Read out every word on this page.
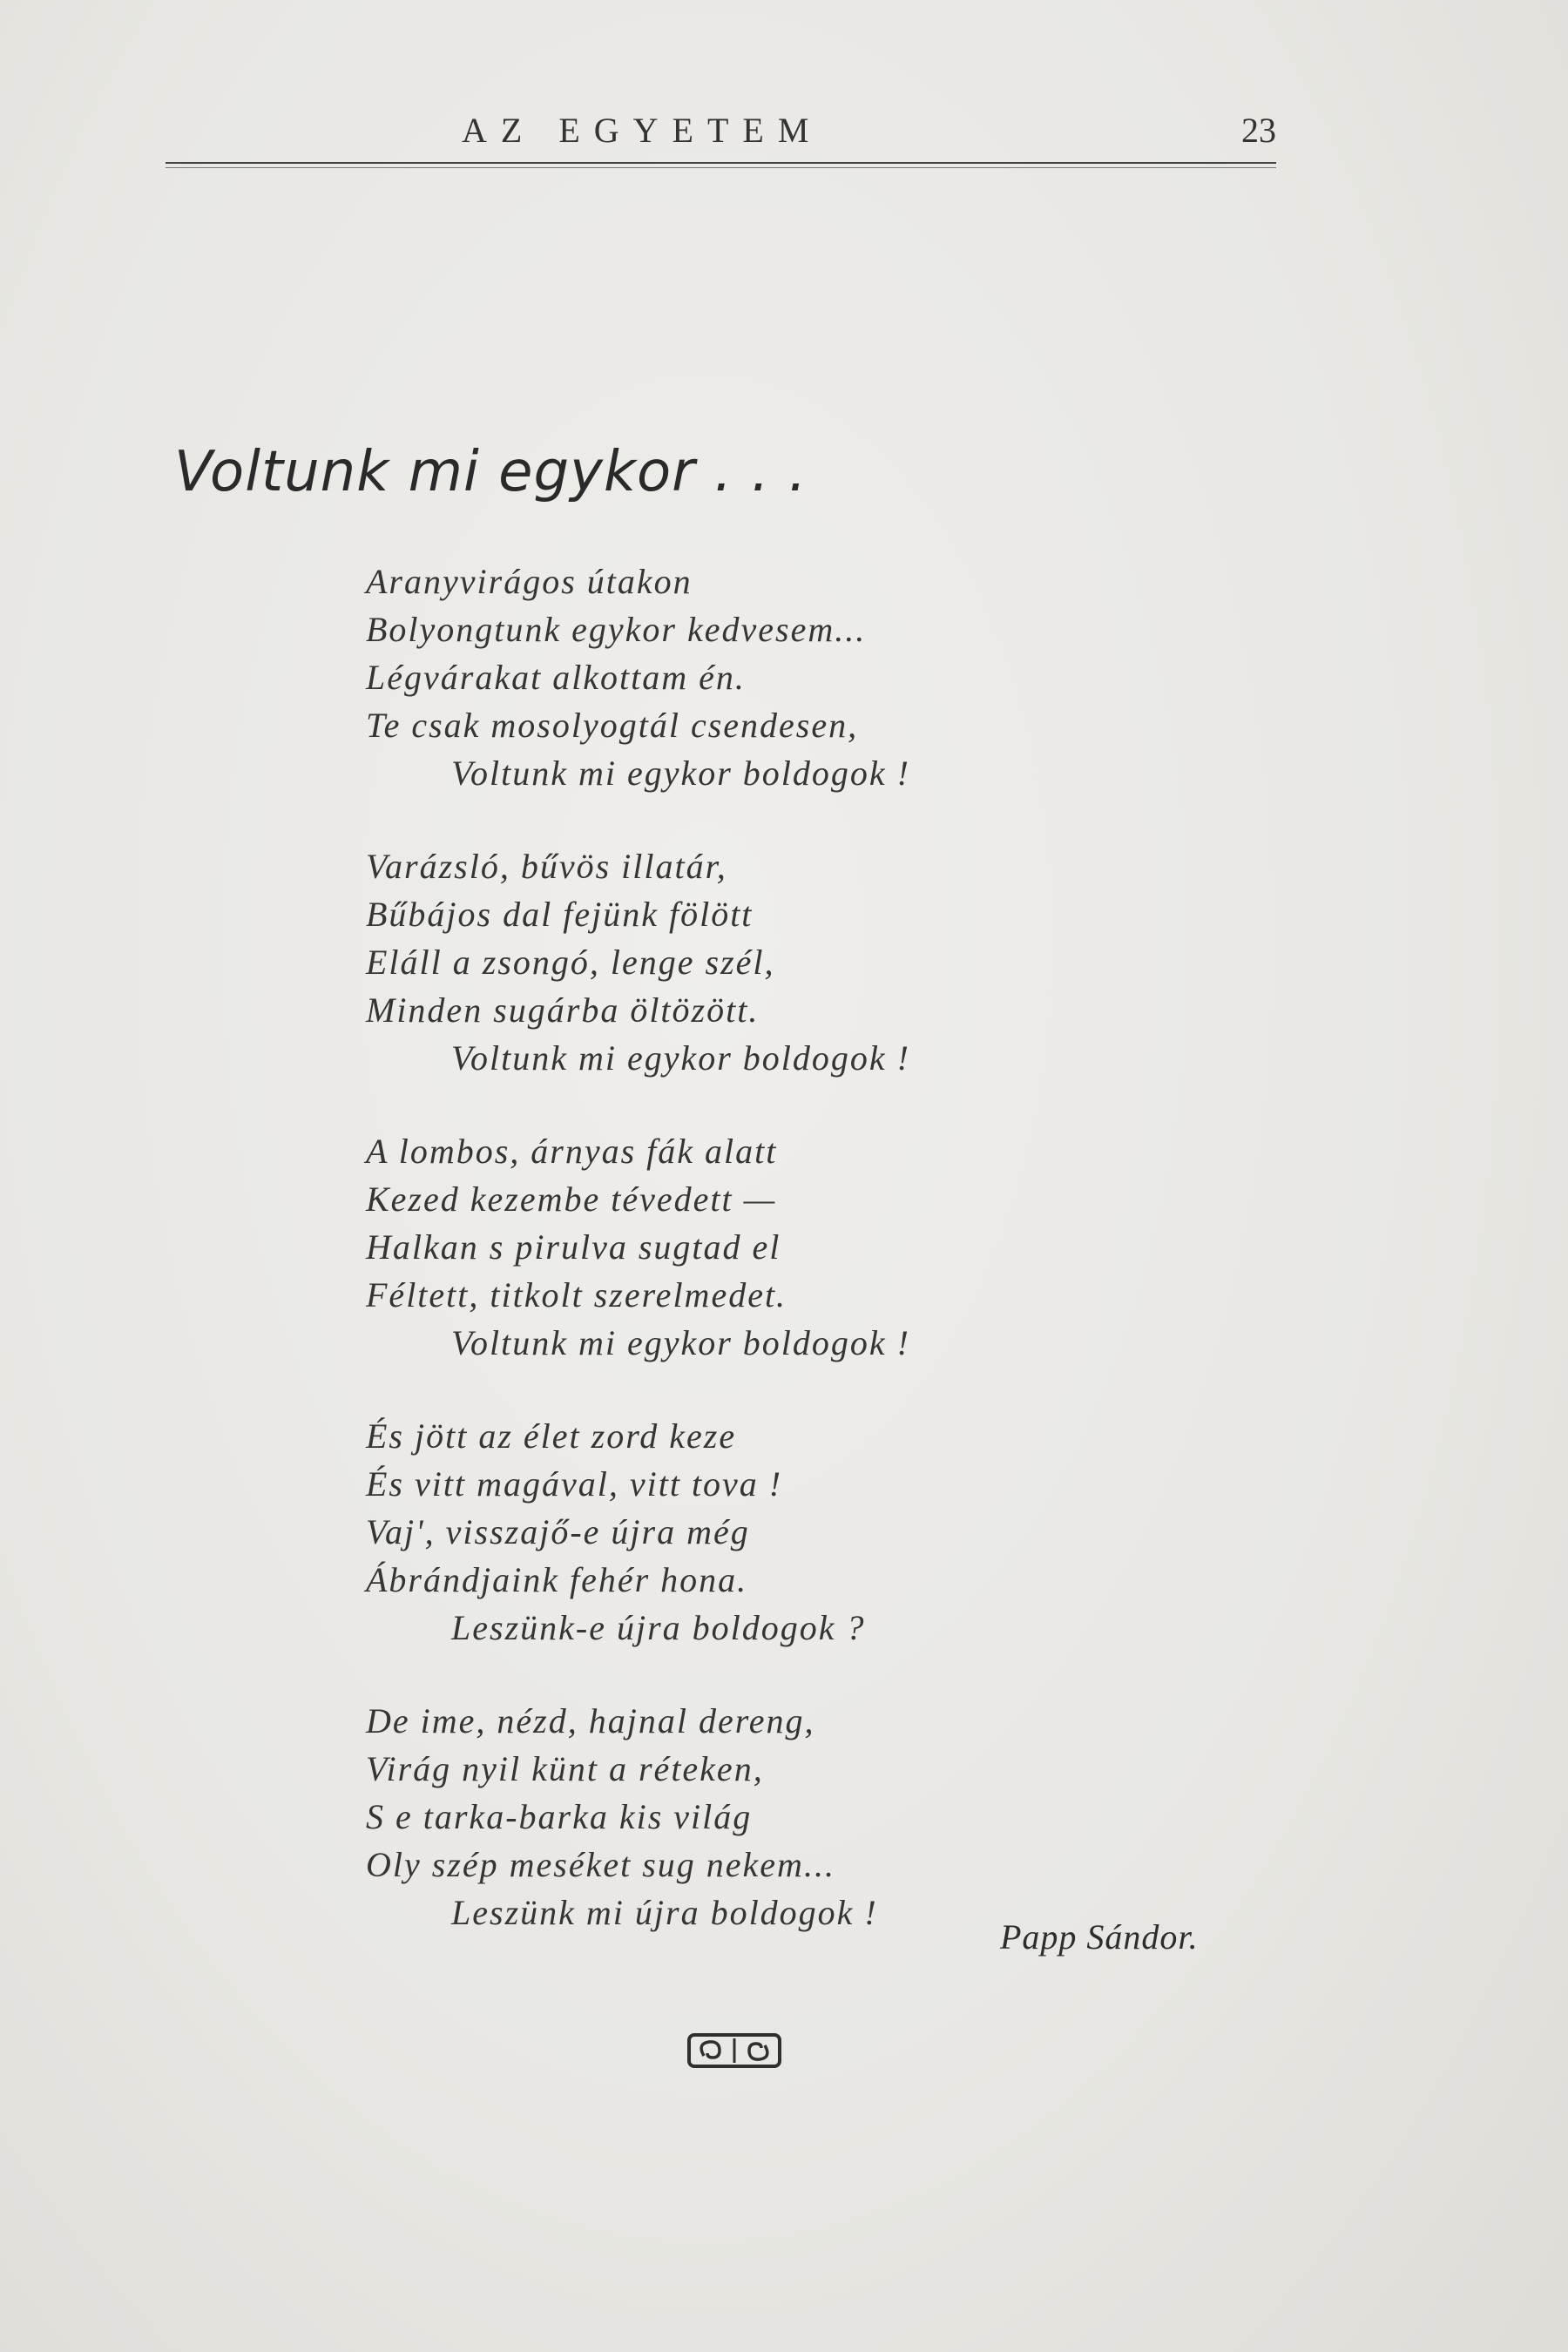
AZ EGYETEM	23
Voltunk mi egykor . . .
Aranyvirágos útakon
Bolyongtunk egykor kedvesem...
Légvárakat alkottam én.
Te csak mosolyogtál csendesen,
Voltunk mi egykor boldogok !
Varázsló, bűvös illatár,
Bűbájos dal fejünk fölött
Eláll a zsongó, lenge szél,
Minden sugárba öltözött.
Voltunk mi egykor boldogok !
A lombos, árnyas fák alatt
Kezed kezembe tévedett —
Halkan s pirulva sugtad el
Féltett, titkolt szerelmedet.
Voltunk mi egykor boldogok !
És jött az élet zord keze
És vitt magával, vitt tova !
Vaj', visszajő-e újra még
Ábrándjaink fehér hona.
Leszünk-e újra boldogok ?
De ime, nézd, hajnal dereng,
Virág nyil künt a réteken,
S e tarka-barka kis világ
Oly szép meséket sug nekem...
Leszünk mi újra boldogok !
Papp Sándor.
